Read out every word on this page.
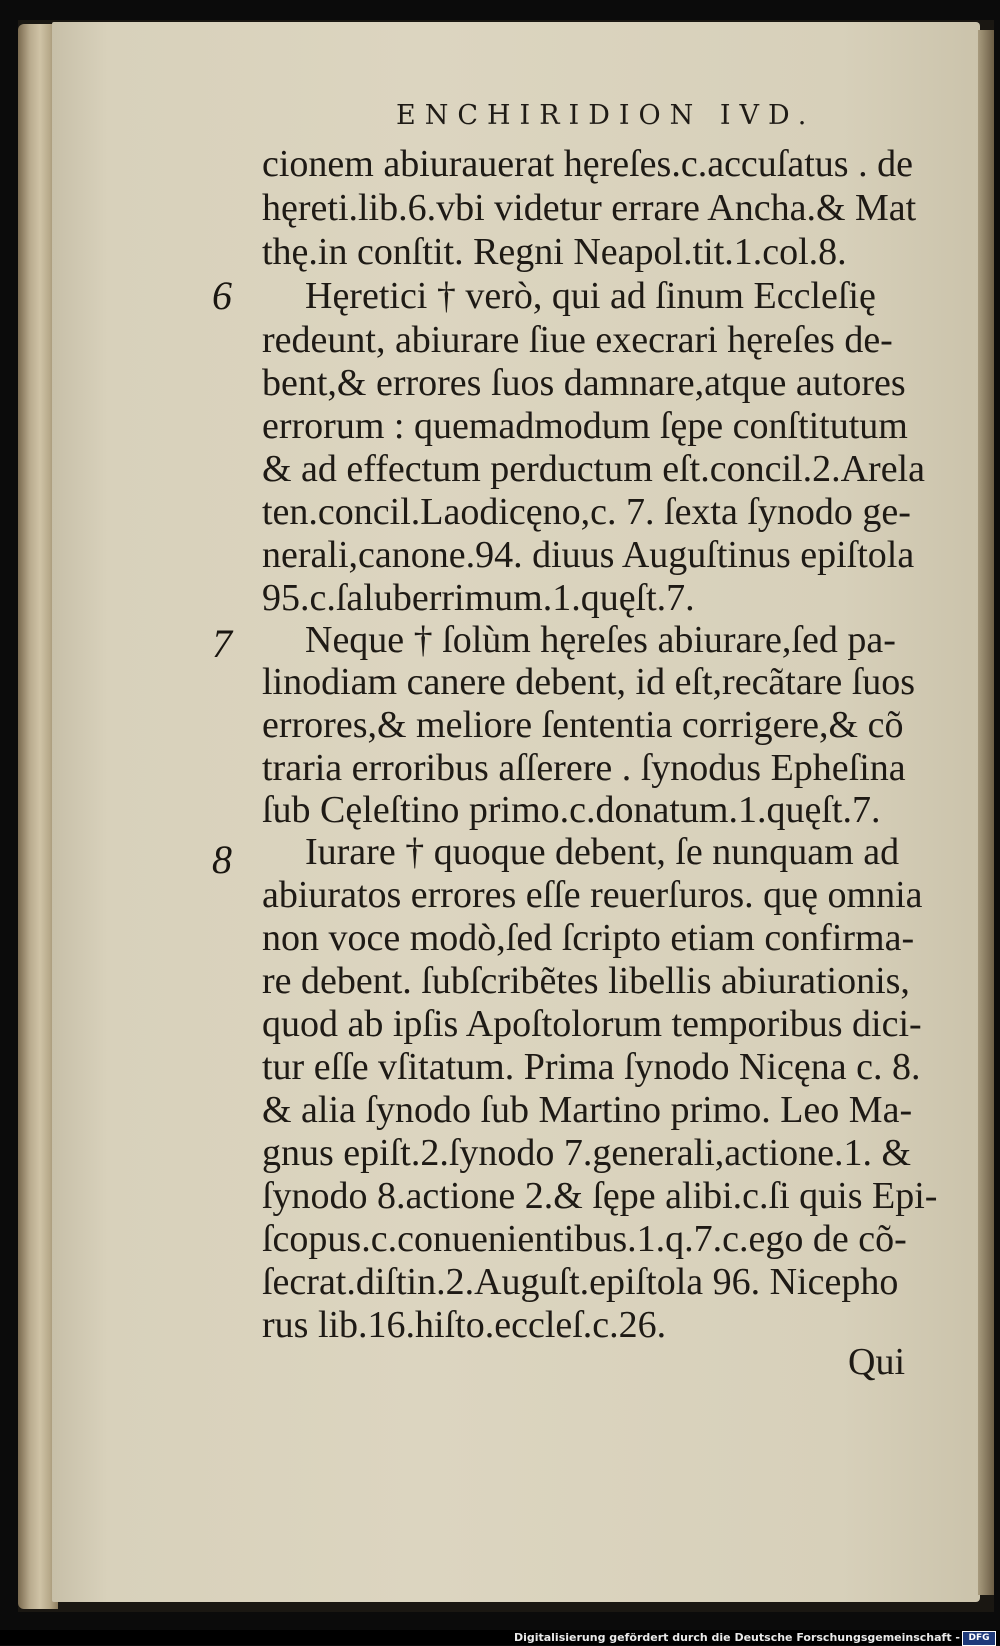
ENCHIRIDION IVD.
cionem abiurauerat hęreſes.c.accuſatus . de
hęreti.lib.6.vbi videtur errare Ancha.& Mat
thę.in conſtit. Regni Neapol.tit.1.col.8.
Hęretici † verò, qui ad ſinum Eccleſię
redeunt, abiurare ſiue execrari hęreſes de-
bent,& errores ſuos damnare,atque autores
errorum : quemadmodum ſępe conſtitutum
& ad effectum perductum eſt.concil.2.Arela
ten.concil.Laodicęno,c. 7. ſexta ſynodo ge-
nerali,canone.94. diuus Auguſtinus epiſtola
95.c.ſaluberrimum.1.quęſt.7.
Neque † ſolùm hęreſes abiurare,ſed pa-
linodiam canere debent, id eſt,recãtare ſuos
errores,& meliore ſententia corrigere,& cõ
traria erroribus aſſerere . ſynodus Epheſina
ſub Cęleſtino primo.c.donatum.1.quęſt.7.
Iurare † quoque debent, ſe nunquam ad
abiuratos errores eſſe reuerſuros. quę omnia
non voce modò,ſed ſcripto etiam confirma-
re debent. ſubſcribẽtes libellis abiurationis,
quod ab ipſis Apoſtolorum temporibus dici-
tur eſſe vſitatum. Prima ſynodo Nicęna c. 8.
& alia ſynodo ſub Martino primo. Leo Ma-
gnus epiſt.2.ſynodo 7.generali,actione.1. &
ſynodo 8.actione 2.& ſępe alibi.c.ſi quis Epi-
ſcopus.c.conuenientibus.1.q.7.c.ego de cõ-
ſecrat.diſtin.2.Auguſt.epiſtola 96. Nicepho
rus lib.16.hiſto.eccleſ.c.26.
6
7
8
Qui
Digitalisierung gefördert durch die Deutsche Forschungsgemeinschaft - DFG
